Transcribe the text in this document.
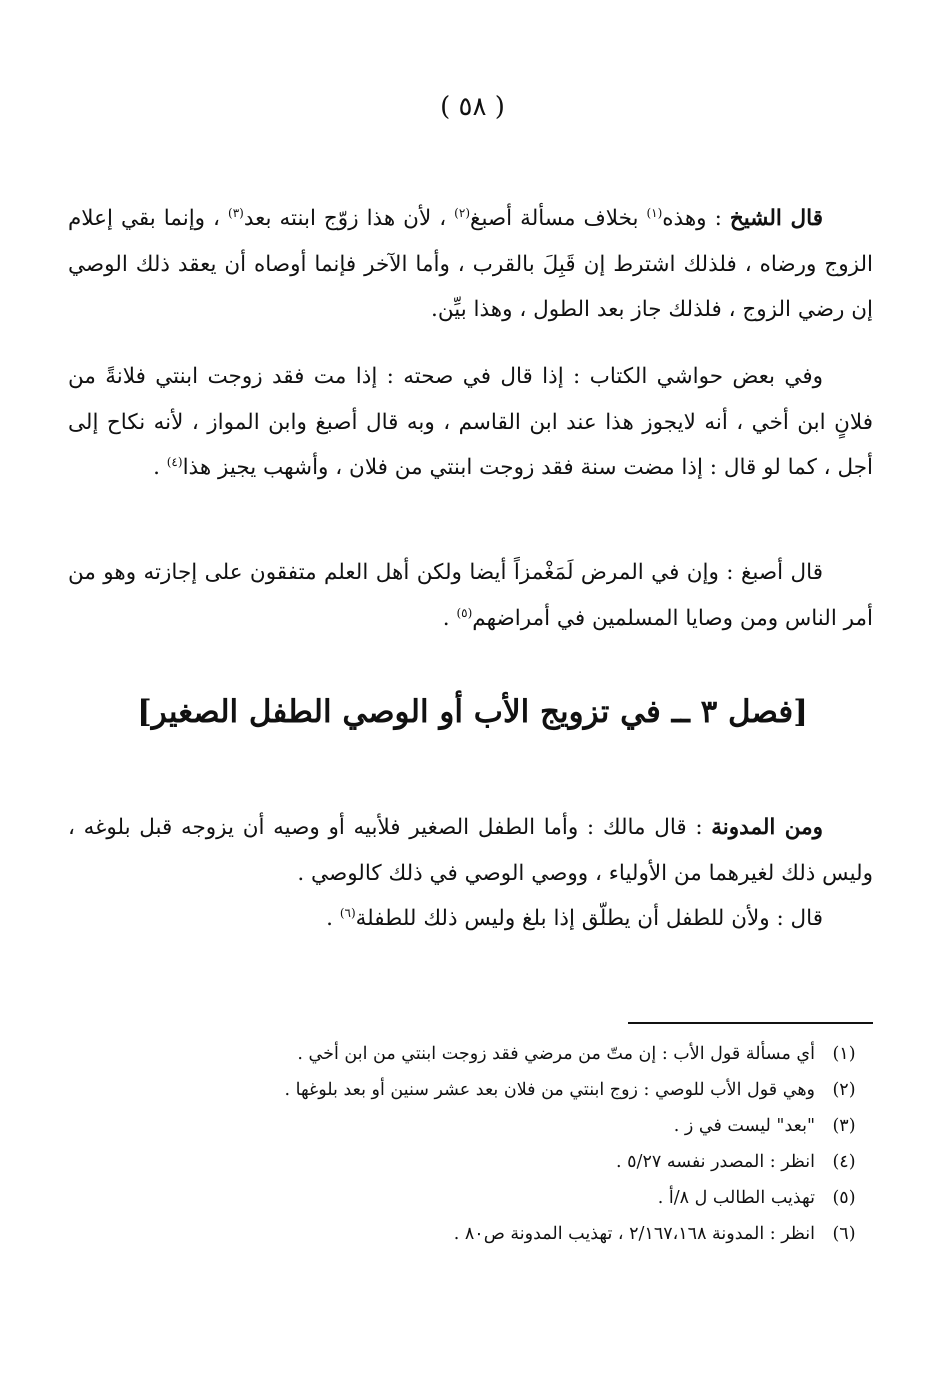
( ٥٨ )

قال الشيخ : وهذه$^{(١)}$ بخلاف مسألة أصبغ$^{(٢)}$ ، لأن هذا زوّج ابنته بعد$^{(٣)}$ ، وإنما بقي إعلام الزوج ورضاه ، فلذلك اشترط إن قَبِلَ بالقرب ، وأما الآخر فإنما أوصاه أن يعقد ذلك الوصي إن رضي الزوج ، فلذلك جاز بعد الطول ، وهذا بيِّن.

وفي بعض حواشي الكتاب : إذا قال في صحته : إذا مت فقد زوجت ابنتي فلانةً من فلانٍ ابن أخي ، أنه لايجوز هذا عند ابن القاسم ، وبه قال أصبغ وابن المواز ، لأنه نكاح إلى أجل ، كما لو قال : إذا مضت سنة فقد زوجت ابنتي من فلان ، وأشهب يجيز هذا$^{(٤)}$ .

قال أصبغ : وإن في المرض لَمَغْمزاً أيضا ولكن أهل العلم متفقون على إجازته وهو من أمر الناس ومن وصايا المسلمين في أمراضهم$^{(٥)}$ .

[فصل ٣ ــ في تزويج الأب أو الوصي الطفل الصغير]

ومن المدونة : قال مالك : وأما الطفل الصغير فلأبيه أو وصيه أن يزوجه قبل بلوغه ، وليس ذلك لغيرهما من الأولياء ، ووصي الوصي في ذلك كالوصي .

قال : ولأن للطفل أن يطلّق إذا بلغ وليس ذلك للطفلة$^{(٦)}$ .

(١)
أي مسألة قول الأب : إن متّ من مرضي فقد زوجت ابنتي من ابن أخي .
(٢)
وهي قول الأب للوصي : زوج ابنتي من فلان بعد عشر سنين أو بعد بلوغها .
(٣)
"بعد" ليست في ز .
(٤)
انظر : المصدر نفسه ٥/٢٧ .
(٥)
تهذيب الطالب ل ٨/أ .
(٦)
انظر : المدونة ٢/١٦٧،١٦٨ ، تهذيب المدونة ص٨٠ .
